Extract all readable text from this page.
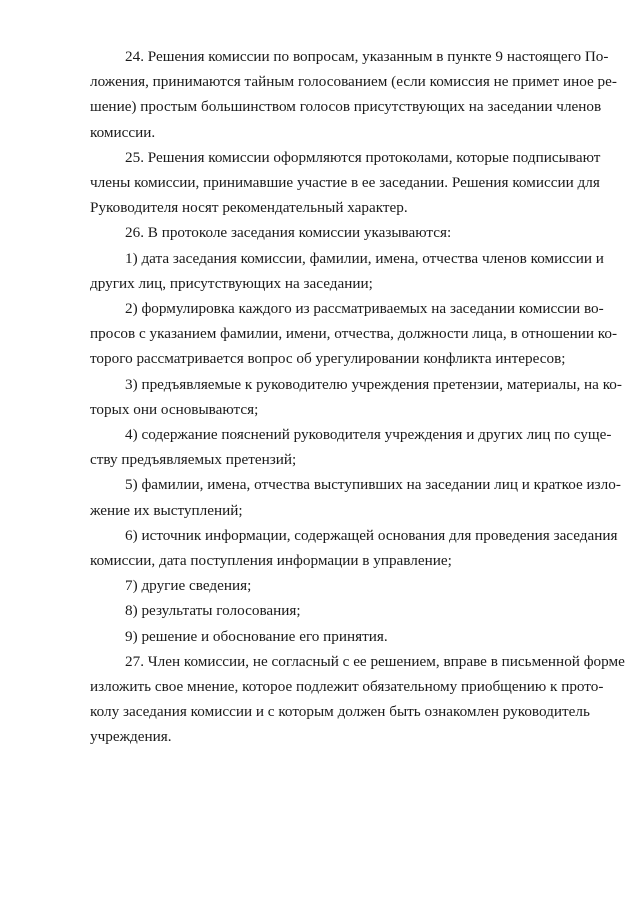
24. Решения комиссии по вопросам, указанным в пункте 9 настоящего По-
ложения, принимаются тайным голосованием (если комиссия не примет иное ре-
шение) простым большинством голосов присутствующих на заседании членов
комиссии.
25. Решения комиссии оформляются протоколами, которые подписывают
члены комиссии, принимавшие участие в ее заседании. Решения комиссии для
Руководителя носят рекомендательный характер.
26. В протоколе заседания комиссии указываются:
1) дата заседания комиссии, фамилии, имена, отчества членов комиссии и
других лиц, присутствующих на заседании;
2) формулировка каждого из рассматриваемых на заседании комиссии во-
просов с указанием фамилии, имени, отчества, должности лица, в отношении ко-
торого рассматривается вопрос об урегулировании конфликта интересов;
3) предъявляемые к руководителю учреждения претензии, материалы, на ко-
торых они основываются;
4) содержание пояснений руководителя учреждения и других лиц по суще-
ству предъявляемых претензий;
5) фамилии, имена, отчества выступивших на заседании лиц и краткое изло-
жение их выступлений;
6) источник информации, содержащей основания для проведения заседания
комиссии, дата поступления информации в управление;
7) другие сведения;
8) результаты голосования;
9) решение и обоснование его принятия.
27. Член комиссии, не согласный с ее решением, вправе в письменной форме
изложить свое мнение, которое подлежит обязательному приобщению к прото-
колу заседания комиссии и с которым должен быть ознакомлен руководитель
учреждения.
